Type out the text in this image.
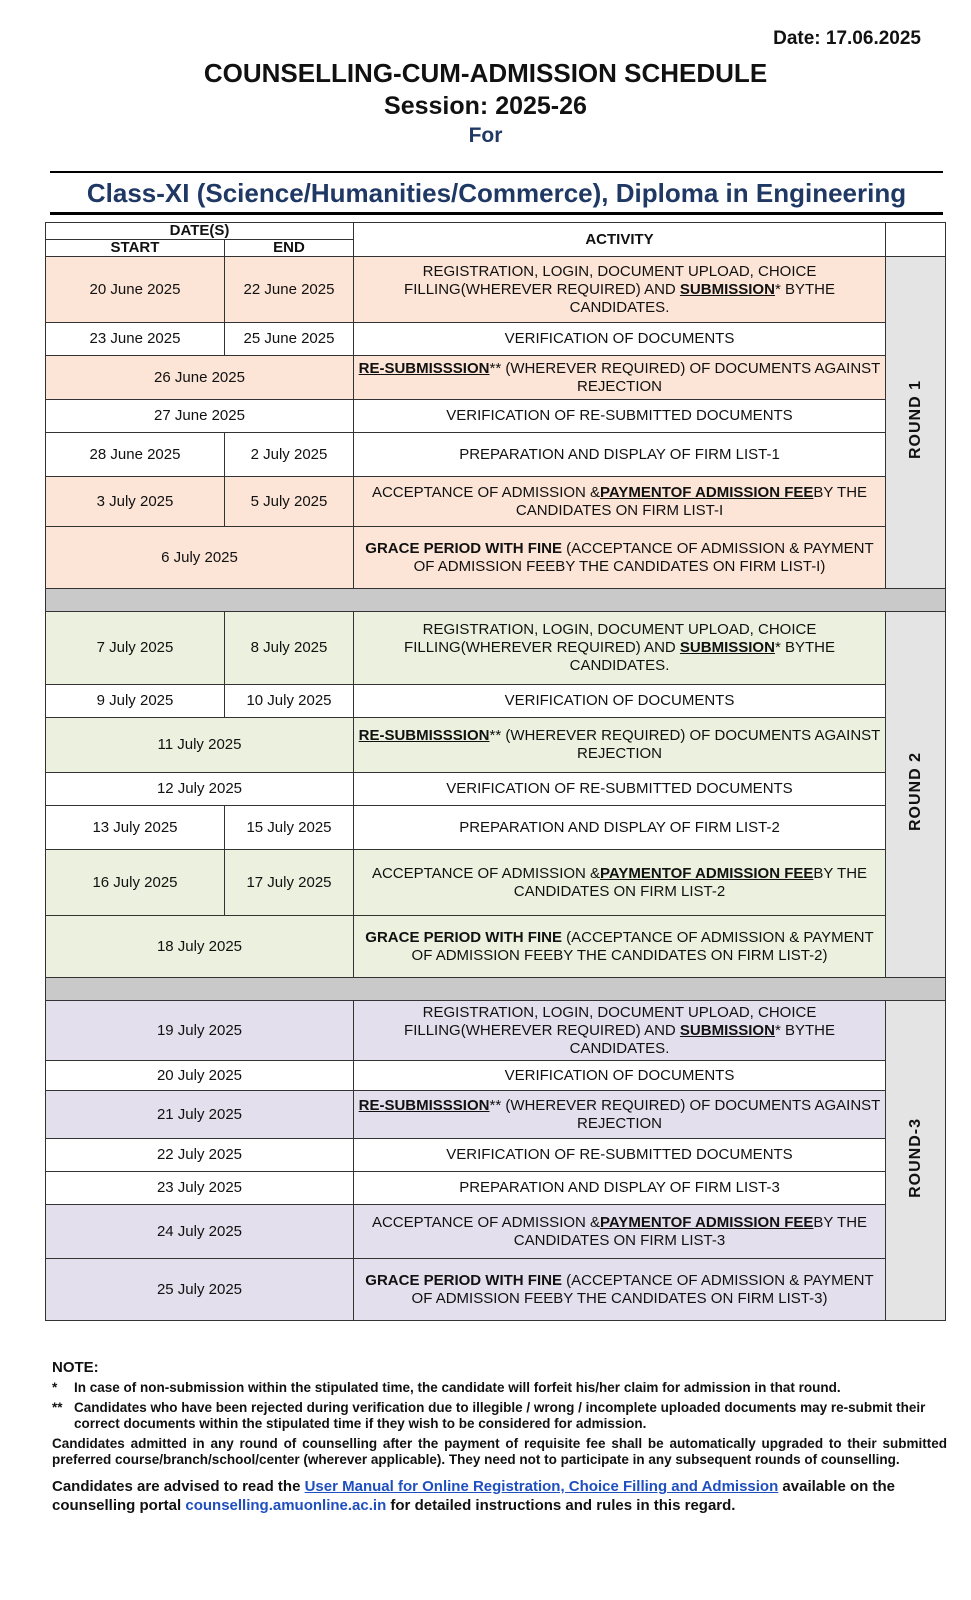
Date: 17.06.2025
COUNSELLING-CUM-ADMISSION SCHEDULE
Session: 2025-26
For
Class-XI (Science/Humanities/Commerce), Diploma in Engineering
DATE(S)		ACTIVITY	
START	END		
20 June 2025	22 June 2025	REGISTRATION, LOGIN, DOCUMENT UPLOAD, CHOICE FILLING(WHEREVER REQUIRED) AND SUBMISSION* BYTHE CANDIDATES.	ROUND 1
23 June 2025	25 June 2025	VERIFICATION OF DOCUMENTS	
26 June 2025		RE-SUBMISSSION** (WHEREVER REQUIRED) OF DOCUMENTS AGAINST REJECTION	
27 June 2025		VERIFICATION OF RE-SUBMITTED DOCUMENTS	
28 June 2025	2 July 2025	PREPARATION AND DISPLAY OF FIRM LIST-1	
3 July 2025	5 July 2025	ACCEPTANCE OF ADMISSION &PAYMENTOF ADMISSION FEEBY THE CANDIDATES ON FIRM LIST-I	
6 July 2025		GRACE PERIOD WITH FINE (ACCEPTANCE OF ADMISSION & PAYMENT OF ADMISSION FEEBY THE CANDIDATES ON FIRM LIST-I)	

7 July 2025	8 July 2025	REGISTRATION, LOGIN, DOCUMENT UPLOAD, CHOICE FILLING(WHEREVER REQUIRED) AND SUBMISSION* BYTHE CANDIDATES.	ROUND 2
9 July 2025	10 July 2025	VERIFICATION OF DOCUMENTS	
11 July 2025		RE-SUBMISSSION** (WHEREVER REQUIRED) OF DOCUMENTS AGAINST REJECTION	
12 July 2025		VERIFICATION OF RE-SUBMITTED DOCUMENTS	
13 July 2025	15 July 2025	PREPARATION AND DISPLAY OF FIRM LIST-2	
16 July 2025	17 July 2025	ACCEPTANCE OF ADMISSION &PAYMENTOF ADMISSION FEEBY THE CANDIDATES ON FIRM LIST-2	
18 July 2025		GRACE PERIOD WITH FINE (ACCEPTANCE OF ADMISSION & PAYMENT OF ADMISSION FEEBY THE CANDIDATES ON FIRM LIST-2)	

19 July 2025		REGISTRATION, LOGIN, DOCUMENT UPLOAD, CHOICE FILLING(WHEREVER REQUIRED) AND SUBMISSION* BYTHE CANDIDATES.	ROUND-3
20 July 2025		VERIFICATION OF DOCUMENTS	
21 July 2025		RE-SUBMISSSION** (WHEREVER REQUIRED) OF DOCUMENTS AGAINST REJECTION	
22 July 2025		VERIFICATION OF RE-SUBMITTED DOCUMENTS	
23 July 2025		PREPARATION AND DISPLAY OF FIRM LIST-3	
24 July 2025		ACCEPTANCE OF ADMISSION &PAYMENTOF ADMISSION FEEBY THE CANDIDATES ON FIRM LIST-3	
25 July 2025		GRACE PERIOD WITH FINE (ACCEPTANCE OF ADMISSION & PAYMENT OF ADMISSION FEEBY THE CANDIDATES ON FIRM LIST-3)	
NOTE:
*	In case of non-submission within the stipulated time, the candidate will forfeit his/her claim for admission in that round.
** Candidates who have been rejected during verification due to illegible / wrong / incomplete uploaded documents may re-submit their correct documents within the stipulated time if they wish to be considered for admission.
Candidates admitted in any round of counselling after the payment of requisite fee shall be automatically upgraded to their submitted preferred course/branch/school/center (wherever applicable). They need not to participate in any subsequent rounds of counselling.
Candidates are advised to read the User Manual for Online Registration, Choice Filling and Admission available on the counselling portal counselling.amuonline.ac.in for detailed instructions and rules in this regard.
